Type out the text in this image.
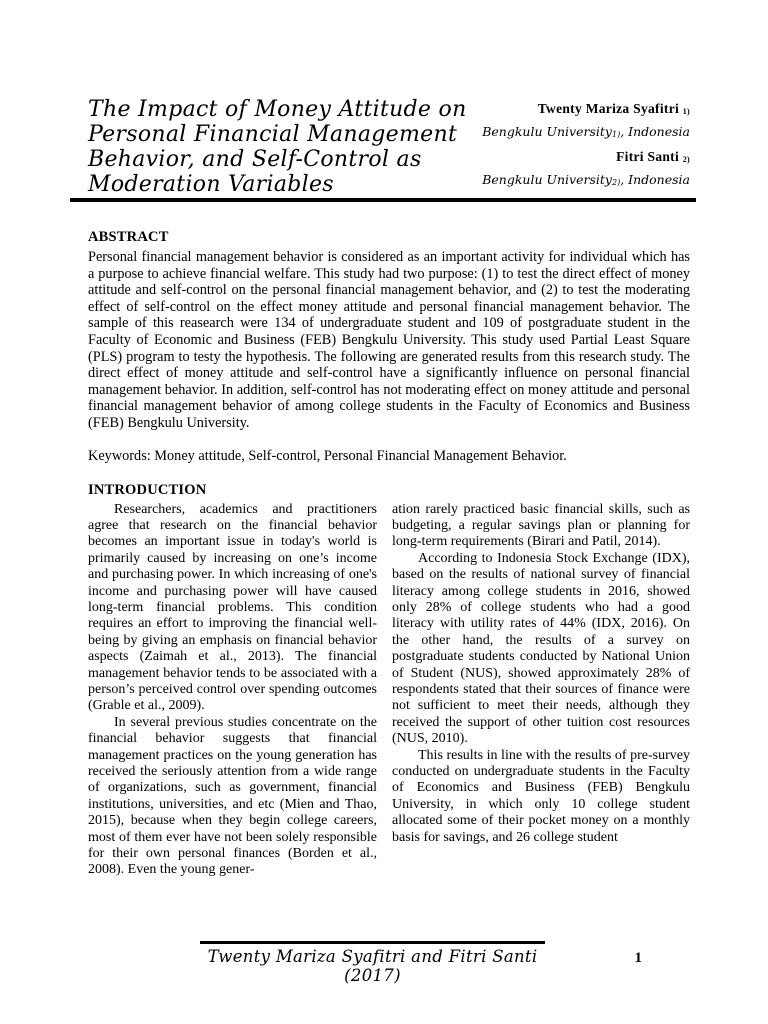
The Impact of Money Attitude on
Personal Financial Management
Behavior, and Self-Control as
Moderation Variables
Twenty Mariza Syafitri 1)
Bengkulu University1), Indonesia
Fitri Santi 2)
Bengkulu University2), Indonesia
ABSTRACT

Personal financial management behavior is considered as an important activity for individual which has a purpose to achieve financial welfare. This study had two purpose: (1) to test the direct effect of money attitude and self-control on the personal financial management behavior, and (2) to test the moderating effect of self-control on the effect money attitude and personal financial management behavior. The sample of this reasearch were 134 of undergraduate student and 109 of postgraduate student in the Faculty of Economic and Business (FEB) Bengkulu University. This study used Partial Least Square (PLS) program to testy the hypothesis. The following are generated results from this research study. The direct effect of money attitude and self-control have a significantly influence on personal financial management behavior. In addition, self-control has not moderating effect on money attitude and personal financial management behavior of among college students in the Faculty of Economics and Business (FEB) Bengkulu University.

Keywords: Money attitude, Self-control, Personal Financial Management Behavior.

INTRODUCTION

Researchers, academics and practitioners agree that research on the financial behavior becomes an important issue in today's world is primarily caused by increasing on one’s income and purchasing power. In which increasing of one's income and purchasing power will have caused long-term financial problems. This condition requires an effort to improving the financial well-being by giving an emphasis on financial behavior aspects (Zaimah et al., 2013). The financial management behavior tends to be associated with a person’s perceived control over spending outcomes (Grable et al., 2009).

In several previous studies concentrate on the financial behavior suggests that financial management practices on the young generation has received the seriously attention from a wide range of organizations, such as government, financial institutions, universities, and etc (Mien and Thao, 2015), because when they begin college careers, most of them ever have not been solely responsible for their own personal finances (Borden et al., 2008). Even the young gener-

ation rarely practiced basic financial skills, such as budgeting, a regular savings plan or planning for long-term requirements (Birari and Patil, 2014).

According to Indonesia Stock Exchange (IDX), based on the results of national survey of financial literacy among college students in 2016, showed only 28% of college students who had a good literacy with utility rates of 44% (IDX, 2016). On the other hand, the results of a survey on postgraduate students conducted by National Union of Student (NUS), showed approximately 28% of respondents stated that their sources of finance were not sufficient to meet their needs, although they received the support of other tuition cost resources (NUS, 2010).

This results in line with the results of pre-survey conducted on undergraduate students in the Faculty of Economics and Business (FEB) Bengkulu University, in which only 10 college student allocated some of their pocket money on a monthly basis for savings, and 26 college student

Twenty Mariza Syafitri and Fitri Santi (2017)
1
